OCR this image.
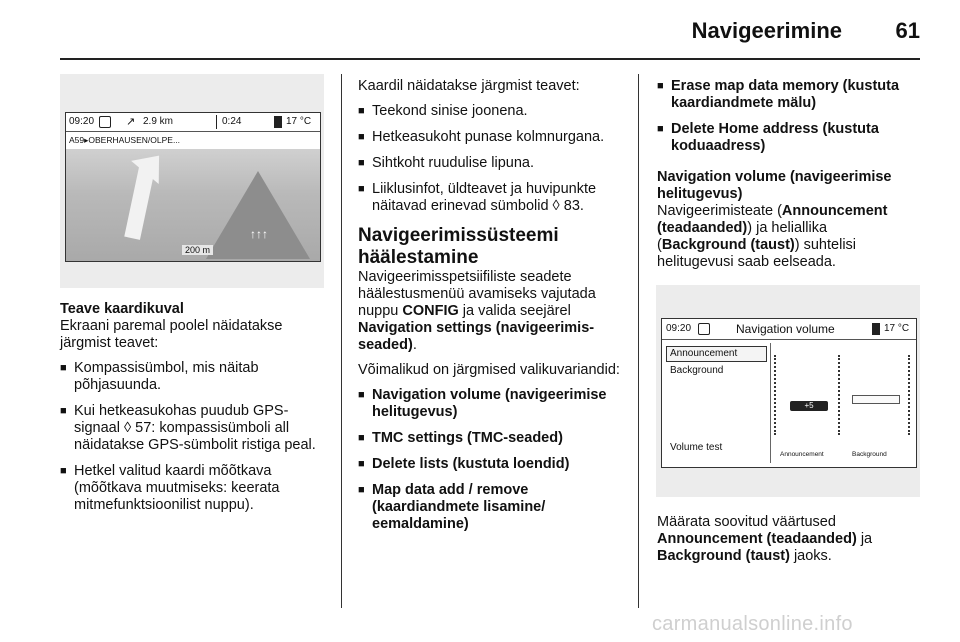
Navigeerimine 61
09:20	↗ 2.9 km	0:24	17 °C
A59▸OBERHAUSEN/OLPE...
↑↑↑
200 m

Teave kaardikuval

Ekraani paremal poolel näidatakse järgmist teavet:

■ Kompassisümbol, mis näitab põhjasuunda.
■ Kui hetkeasukohas puudub GPS-signaal ◊ 57: kompassisümboli all näidatakse GPS-sümbolit ristiga peal.
■ Hetkel valitud kaardi mõõtkava (mõõtkava muutmiseks: keerata mitmefunktsioonilist nuppu).

Kaardil näidatakse järgmist teavet:

■ Teekond sinise joonena.
■ Hetkeasukoht punase kolmnurgana.
■ Sihtkoht ruudulise lipuna.
■ Liiklusinfot, üldteavet ja huvipunkte näitavad erinevad sümbolid ◊ 83.
Navigeerimissüsteemi häälestamine

Navigeerimisspetsiifiliste seadete häälestusmenüü avamiseks vajutada nuppu CONFIG ja valida seejärel Navigation settings (navigeerimis-seaded).

Võimalikud on järgmised valikuvariandid:

■ Navigation volume (navigeerimise helitugevus)
■ TMC settings (TMC-seaded)
■ Delete lists (kustuta loendid)
■ Map data add / remove (kaardiandmete lisamine/ eemaldamine)
■ Erase map data memory (kustuta kaardiandmete mälu)
■ Delete Home address (kustuta koduaadress)
Navigation volume (navigeerimise helitugevus)

Navigeerimisteate (Announcement (teadaanded)) ja heliallika (Background (taust)) suhtelisi helitugevusi saab eelseada.

09:20	Navigation volume	17 °C
Announcement
Background
Volume test
+5
Announcement	Background

Määrata soovitud väärtused Announcement (teadaanded) ja Background (taust) jaoks.

carmanualsonline.info
